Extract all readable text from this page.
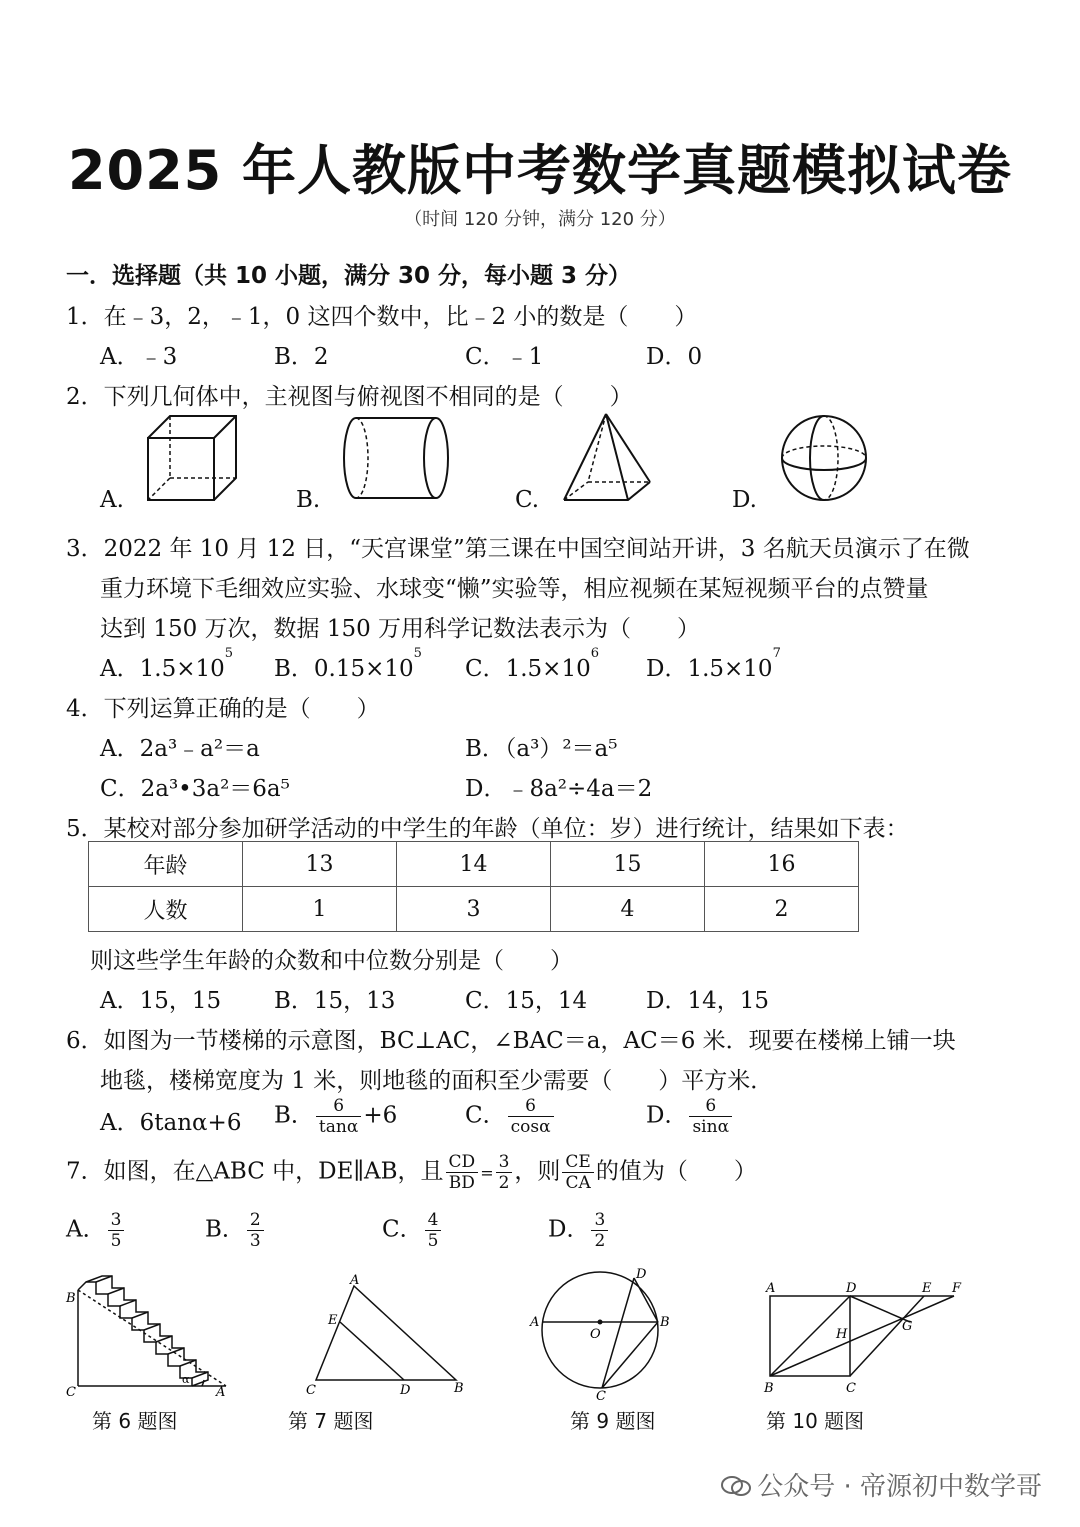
2025 年人教版中考数学真题模拟试卷
（时间 120 分钟，满分 120 分）
一．选择题（共 10 小题，满分 30 分，每小题 3 分）
1．在﹣3，2，﹣1，0 这四个数中，比﹣2 小的数是（　　）
A．﹣3	B．2	C．﹣1	D．0
2．下列几何体中，主视图与俯视图不相同的是（　　）
A.	B.	C.	D.
3．2022 年 10 月 12 日，“天宫课堂”第三课在中国空间站开讲，3 名航天员演示了在微
重力环境下毛细效应实验、水球变“懒”实验等，相应视频在某短视频平台的点赞量
达到 150 万次，数据 150 万用科学记数法表示为（　　）
A．$1.5\times 10^5$
B．$0.15\times 10^5$
C．$1.5\times 10^6$
D．$1.5\times 10^7$
4．下列运算正确的是（　　）
A．2a³﹣a²＝a	B．（a³）²＝a⁵
C．2a³•3a²＝6a⁵	D．﹣8a²÷4a＝2
5．某校对部分参加研学活动的中学生的年龄（单位：岁）进行统计，结果如下表：
年龄	13	14	15	16
人数	1	3	4	2
则这些学生年龄的众数和中位数分别是（　　）
A．15，15 B．15，13	C．15，14	D．14，15
6．如图为一节楼梯的示意图，BC⊥AC，∠BAC＝a，AC＝6 米．现要在楼梯上铺一块
地毯，楼梯宽度为 1 米，则地毯的面积至少需要（　　）平方米．
A．6tanα+6 B． $\frac{6}{\tan\alpha} +6$	C． $\frac{6}{\cos\alpha}$	D． $\frac{6}{\sin\alpha}$
7．如图，在△ABC 中，DE∥AB，且 $\frac{CD}{BD} = \frac{3}{2}$ ，则 $\frac{CE}{CA}$ 的值为（　　）
A． $\frac{3}{5}$	B． $\frac{2}{3}$	C． $\frac{4}{5}$	D． $\frac{3}{2}$
B
C	A
α
第 6 题图
A
E
C	D	B
第 7 题图
D
A
O
B
C
第 9 题图
A	D	E F
H
G
B	C
第 10 题图
公众号 · 帝源初中数学哥
